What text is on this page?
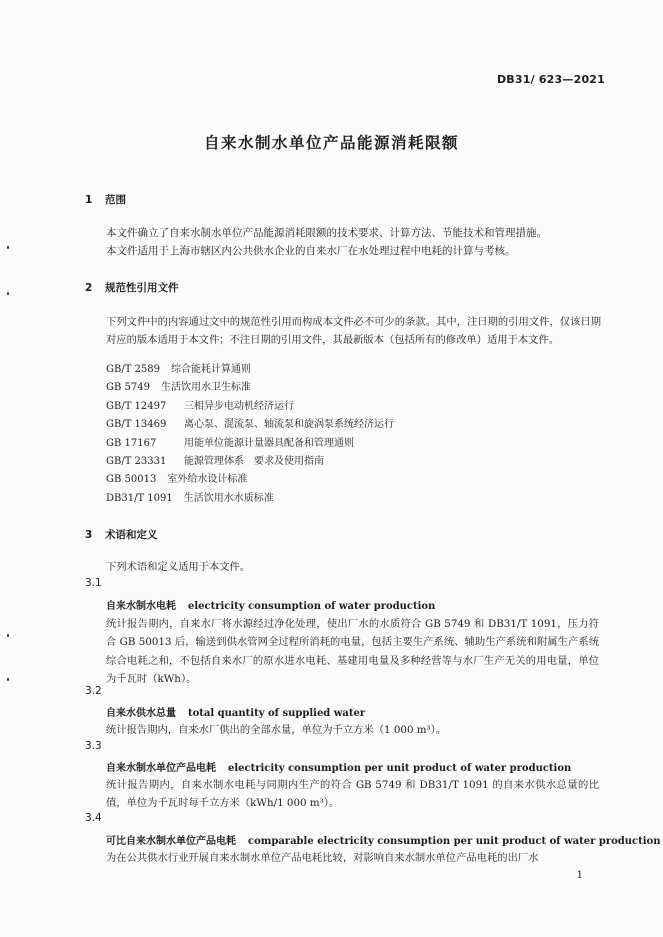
DB31/ 623—2021
自来水制水单位产品能源消耗限额
1 范围
本文件确立了自来水制水单位产品能源消耗限额的技术要求、计算方法、节能技术和管理措施。
本文件适用于上海市辖区内公共供水企业的自来水厂在水处理过程中电耗的计算与考核。
2 规范性引用文件
下列文件中的内容通过文中的规范性引用而构成本文件必不可少的条款。其中，注日期的引用文件，仅该日期对应的版本适用于本文件；不注日期的引用文件，其最新版本（包括所有的修改单）适用于本文件。
GB/T 2589 综合能耗计算通则
GB 5749 生活饮用水卫生标准
GB/T 12497 三相异步电动机经济运行
GB/T 13469 离心泵、混流泵、轴流泵和旋涡泵系统经济运行
GB 17167	用能单位能源计量器具配备和管理通则
GB/T 23331 能源管理体系　要求及使用指南
GB 50013 室外给水设计标准
DB31/T 1091 生活饮用水水质标准
3 术语和定义
下列术语和定义适用于本文件。
3.1
自来水制水电耗 electricity consumption of water production
统计报告期内，自来水厂将水源经过净化处理，使出厂水的水质符合 GB 5749 和 DB31/T 1091，压力符合 GB 50013 后，输送到供水管网全过程所消耗的电量，包括主要生产系统、辅助生产系统和附属生产系统综合电耗之和，不包括自来水厂的原水进水电耗、基建用电量及多种经营等与水厂生产无关的用电量，单位为千瓦时（kWh）。
3.2
自来水供水总量 total quantity of supplied water
统计报告期内，自来水厂供出的全部水量，单位为千立方米（1 000 m³）。
3.3
自来水制水单位产品电耗 electricity consumption per unit product of water production
统计报告期内，自来水制水电耗与同期内生产的符合 GB 5749 和 DB31/T 1091 的自来水供水总量的比值，单位为千瓦时每千立方米（kWh/1 000 m³）。
3.4
可比自来水制水单位产品电耗 comparable electricity consumption per unit product of water production
为在公共供水行业开展自来水制水单位产品电耗比较，对影响自来水制水单位产品电耗的出厂水
1
